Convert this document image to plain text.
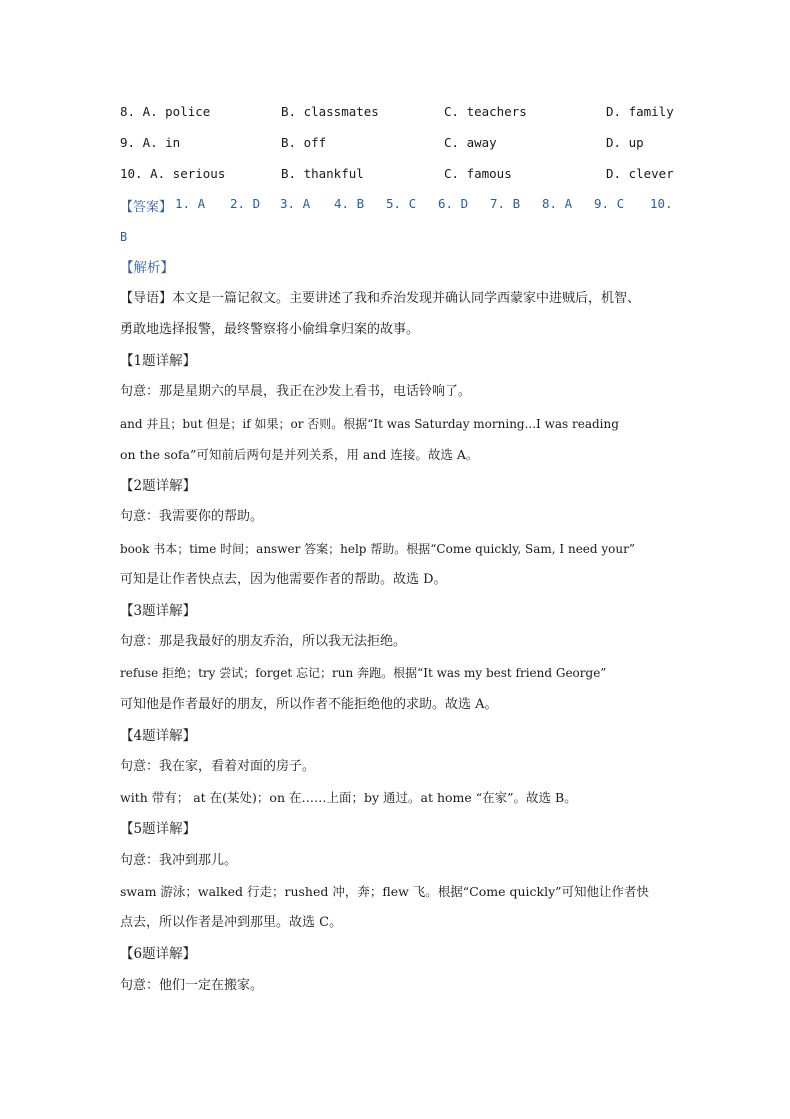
8. A. police	B. classmates	C. teachers	D. family
9. A. in	B. off	C. away	D. up
10. A. serious	B. thankful	C. famous	D. clever
【答案】 1. A 2. D 3. A 4. B 5. C 6. D 7. B 8. A 9. C 10.
B
【解析】
【导语】本文是一篇记叙文。主要讲述了我和乔治发现并确认同学西蒙家中进贼后，机智、
勇敢地选择报警，最终警察将小偷缉拿归案的故事。
【1题详解】
句意：那是星期六的早晨，我正在沙发上看书，电话铃响了。
and 并且；but 但是；if 如果；or 否则。根据“It was Saturday morning...I was reading
on the sofa”可知前后两句是并列关系，用 and 连接。故选 A。
【2题详解】
句意：我需要你的帮助。
book 书本；time 时间；answer 答案；help 帮助。根据“Come quickly, Sam, I need your”
可知是让作者快点去，因为他需要作者的帮助。故选 D。
【3题详解】
句意：那是我最好的朋友乔治，所以我无法拒绝。
refuse 拒绝；try 尝试；forget 忘记；run 奔跑。根据“It was my best friend George”
可知他是作者最好的朋友，所以作者不能拒绝他的求助。故选 A。
【4题详解】
句意：我在家，看着对面的房子。
with 带有； at 在(某处)；on 在……上面；by 通过。at home “在家”。故选 B。
【5题详解】
句意：我冲到那儿。
swam 游泳；walked 行走；rushed 冲，奔；flew 飞。根据“Come quickly”可知他让作者快
点去，所以作者是冲到那里。故选 C。
【6题详解】
句意：他们一定在搬家。
